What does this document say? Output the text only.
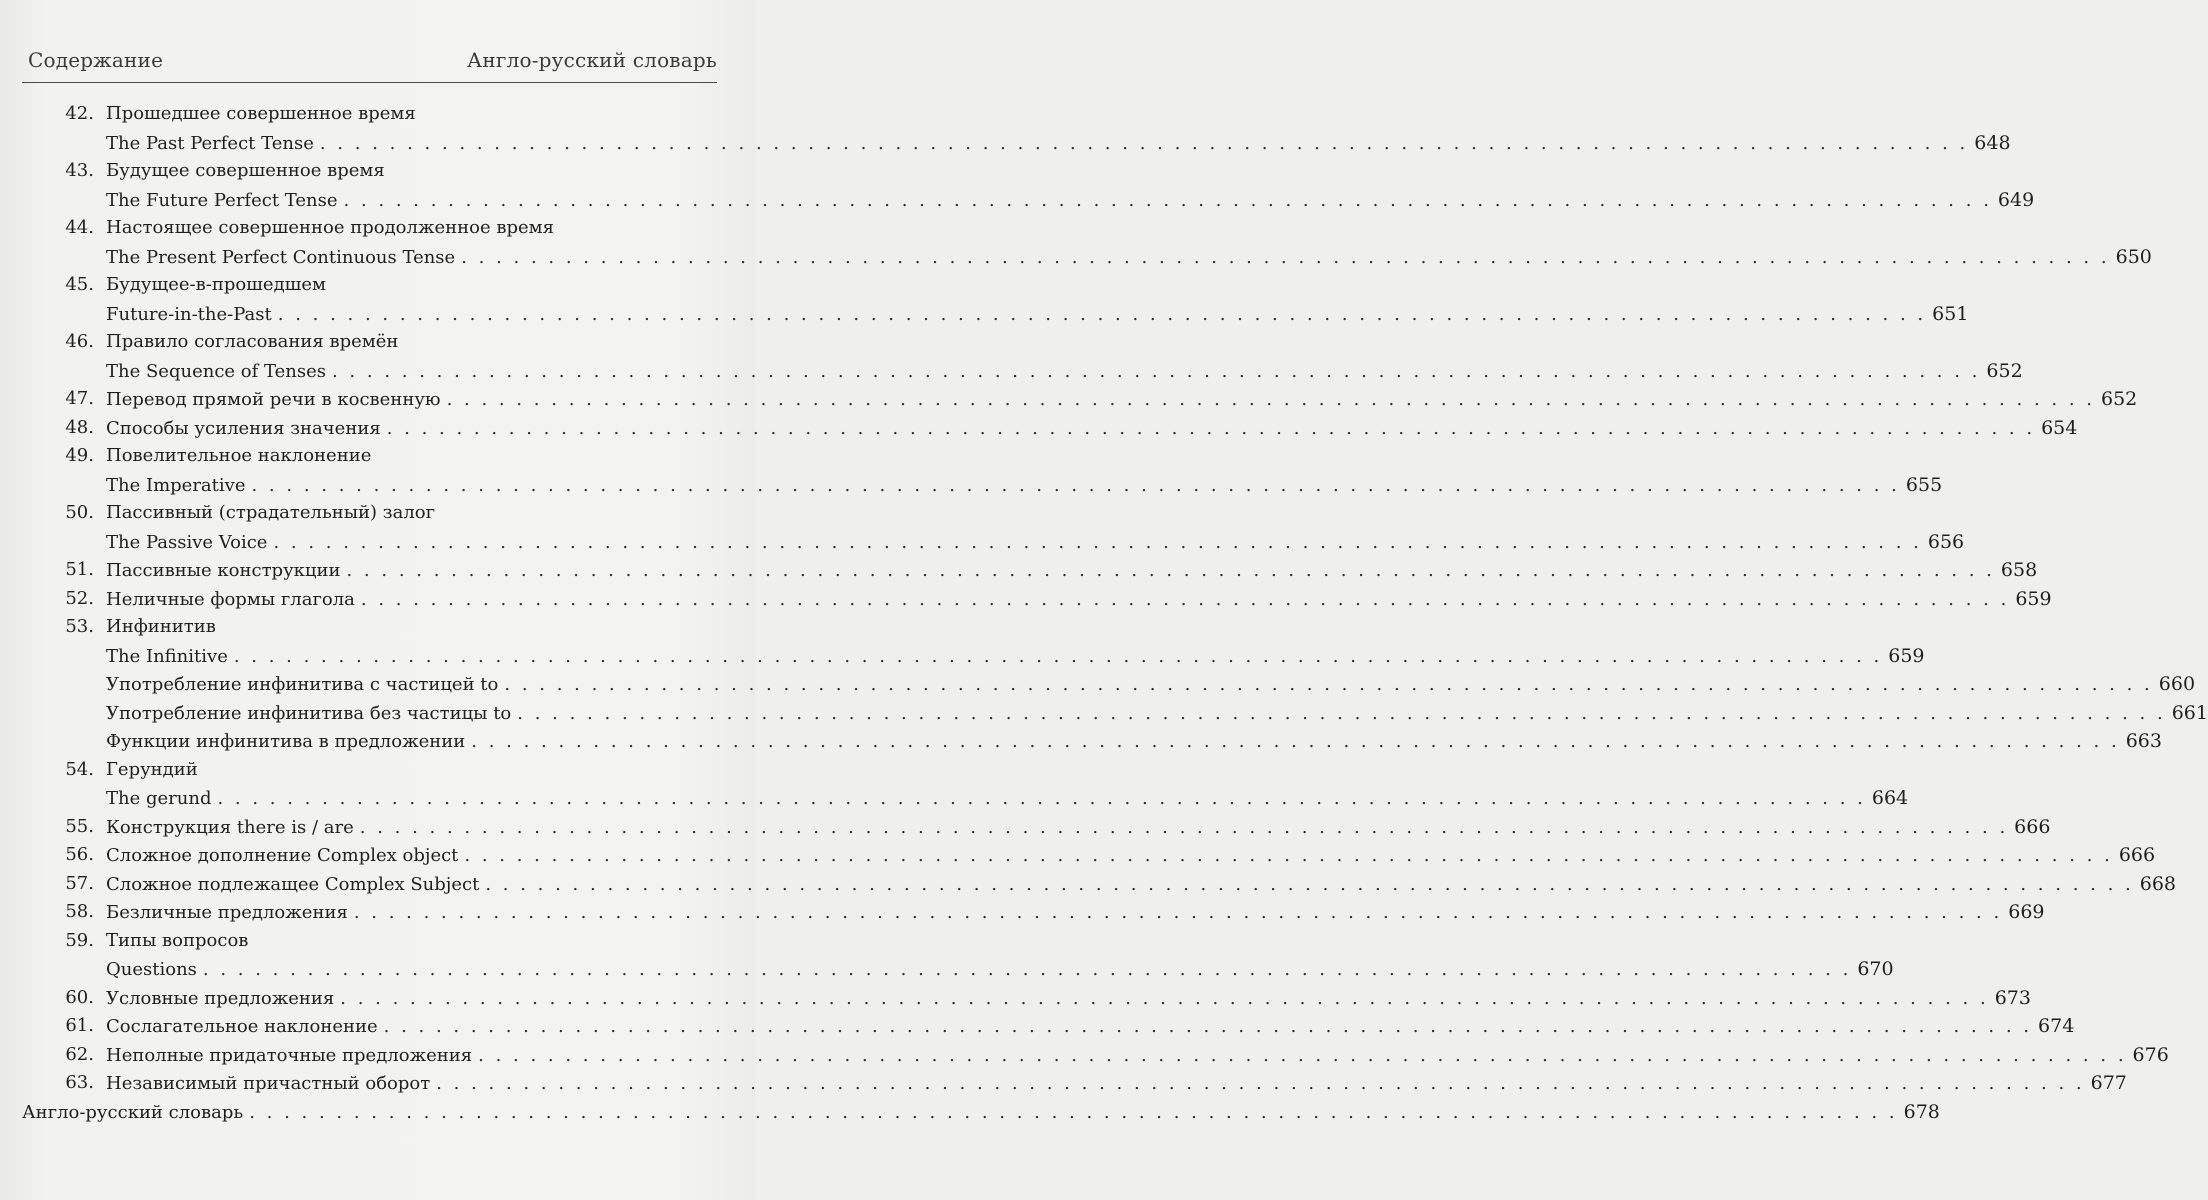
Содержание	Англо-русский словарь
42. Прошедшее совершенное время
The Past Perfect Tense . . . . . . . . . . . . . . . . . . . . . . . . . . . . . . . . . . . . . . . . . . . . . . . . . . . . . . . . . . . . . . . . . . . . . . . . . . . . . . . . . . . . . . . . . . . . . . . 648
43. Будущее совершенное время
The Future Perfect Tense . . . . . . . . . . . . . . . . . . . . . . . . . . . . . . . . . . . . . . . . . . . . . . . . . . . . . . . . . . . . . . . . . . . . . . . . . . . . . . . . . . . . . . . . . . . . . . . 649
44. Настоящее совершенное продолженное время
The Present Perfect Continuous Tense . . . . . . . . . . . . . . . . . . . . . . . . . . . . . . . . . . . . . . . . . . . . . . . . . . . . . . . . . . . . . . . . . . . . . . . . . . . . . . . . . . . . . . . . . . . . . . . 650
45. Будущее-в-прошедшем
Future-in-the-Past . . . . . . . . . . . . . . . . . . . . . . . . . . . . . . . . . . . . . . . . . . . . . . . . . . . . . . . . . . . . . . . . . . . . . . . . . . . . . . . . . . . . . . . . . . . . . . . 651
46. Правило согласования времён
The Sequence of Tenses . . . . . . . . . . . . . . . . . . . . . . . . . . . . . . . . . . . . . . . . . . . . . . . . . . . . . . . . . . . . . . . . . . . . . . . . . . . . . . . . . . . . . . . . . . . . . . . 652
47. Перевод прямой речи в косвенную . . . . . . . . . . . . . . . . . . . . . . . . . . . . . . . . . . . . . . . . . . . . . . . . . . . . . . . . . . . . . . . . . . . . . . . . . . . . . . . . . . . . . . . . . . . . . . . 652
48. Способы усиления значения . . . . . . . . . . . . . . . . . . . . . . . . . . . . . . . . . . . . . . . . . . . . . . . . . . . . . . . . . . . . . . . . . . . . . . . . . . . . . . . . . . . . . . . . . . . . . . . 654
49. Повелительное наклонение
The Imperative . . . . . . . . . . . . . . . . . . . . . . . . . . . . . . . . . . . . . . . . . . . . . . . . . . . . . . . . . . . . . . . . . . . . . . . . . . . . . . . . . . . . . . . . . . . . . . . 655
50. Пассивный (страдательный) залог
The Passive Voice . . . . . . . . . . . . . . . . . . . . . . . . . . . . . . . . . . . . . . . . . . . . . . . . . . . . . . . . . . . . . . . . . . . . . . . . . . . . . . . . . . . . . . . . . . . . . . . 656
51. Пассивные конструкции . . . . . . . . . . . . . . . . . . . . . . . . . . . . . . . . . . . . . . . . . . . . . . . . . . . . . . . . . . . . . . . . . . . . . . . . . . . . . . . . . . . . . . . . . . . . . . . 658
52. Неличные формы глагола . . . . . . . . . . . . . . . . . . . . . . . . . . . . . . . . . . . . . . . . . . . . . . . . . . . . . . . . . . . . . . . . . . . . . . . . . . . . . . . . . . . . . . . . . . . . . . . 659
53. Инфинитив
The Infinitive . . . . . . . . . . . . . . . . . . . . . . . . . . . . . . . . . . . . . . . . . . . . . . . . . . . . . . . . . . . . . . . . . . . . . . . . . . . . . . . . . . . . . . . . . . . . . . . 659
Употребление инфинитива с частицей to . . . . . . . . . . . . . . . . . . . . . . . . . . . . . . . . . . . . . . . . . . . . . . . . . . . . . . . . . . . . . . . . . . . . . . . . . . . . . . . . . . . . . . . . . . . . . . . 660
Употребление инфинитива без частицы to . . . . . . . . . . . . . . . . . . . . . . . . . . . . . . . . . . . . . . . . . . . . . . . . . . . . . . . . . . . . . . . . . . . . . . . . . . . . . . . . . . . . . . . . . . . . . . . 661
Функции инфинитива в предложении . . . . . . . . . . . . . . . . . . . . . . . . . . . . . . . . . . . . . . . . . . . . . . . . . . . . . . . . . . . . . . . . . . . . . . . . . . . . . . . . . . . . . . . . . . . . . . . 663
54. Герундий
The gerund . . . . . . . . . . . . . . . . . . . . . . . . . . . . . . . . . . . . . . . . . . . . . . . . . . . . . . . . . . . . . . . . . . . . . . . . . . . . . . . . . . . . . . . . . . . . . . . 664
55. Конструкция there is / are . . . . . . . . . . . . . . . . . . . . . . . . . . . . . . . . . . . . . . . . . . . . . . . . . . . . . . . . . . . . . . . . . . . . . . . . . . . . . . . . . . . . . . . . . . . . . . . 666
56. Сложное дополнение Complex object . . . . . . . . . . . . . . . . . . . . . . . . . . . . . . . . . . . . . . . . . . . . . . . . . . . . . . . . . . . . . . . . . . . . . . . . . . . . . . . . . . . . . . . . . . . . . . . 666
57. Сложное подлежащее Complex Subject . . . . . . . . . . . . . . . . . . . . . . . . . . . . . . . . . . . . . . . . . . . . . . . . . . . . . . . . . . . . . . . . . . . . . . . . . . . . . . . . . . . . . . . . . . . . . . . 668
58. Безличные предложения . . . . . . . . . . . . . . . . . . . . . . . . . . . . . . . . . . . . . . . . . . . . . . . . . . . . . . . . . . . . . . . . . . . . . . . . . . . . . . . . . . . . . . . . . . . . . . . 669
59. Типы вопросов
Questions . . . . . . . . . . . . . . . . . . . . . . . . . . . . . . . . . . . . . . . . . . . . . . . . . . . . . . . . . . . . . . . . . . . . . . . . . . . . . . . . . . . . . . . . . . . . . . . 670
60. Условные предложения . . . . . . . . . . . . . . . . . . . . . . . . . . . . . . . . . . . . . . . . . . . . . . . . . . . . . . . . . . . . . . . . . . . . . . . . . . . . . . . . . . . . . . . . . . . . . . . 673
61. Сослагательное наклонение . . . . . . . . . . . . . . . . . . . . . . . . . . . . . . . . . . . . . . . . . . . . . . . . . . . . . . . . . . . . . . . . . . . . . . . . . . . . . . . . . . . . . . . . . . . . . . . 674
62. Неполные придаточные предложения . . . . . . . . . . . . . . . . . . . . . . . . . . . . . . . . . . . . . . . . . . . . . . . . . . . . . . . . . . . . . . . . . . . . . . . . . . . . . . . . . . . . . . . . . . . . . . . 676
63. Независимый причастный оборот . . . . . . . . . . . . . . . . . . . . . . . . . . . . . . . . . . . . . . . . . . . . . . . . . . . . . . . . . . . . . . . . . . . . . . . . . . . . . . . . . . . . . . . . . . . . . . . 677
Англо-русский словарь . . . . . . . . . . . . . . . . . . . . . . . . . . . . . . . . . . . . . . . . . . . . . . . . . . . . . . . . . . . . . . . . . . . . . . . . . . . . . . . . . . . . . . . . . . . . . . . 678
